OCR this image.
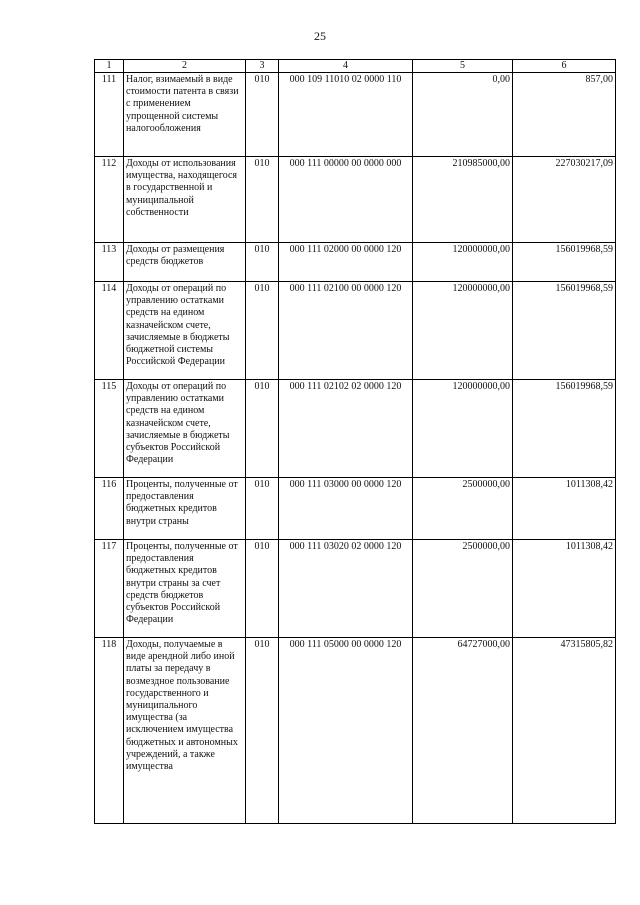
25
1	2	3	4	5	6
111	Налог, взимаемый в виде стоимости патента в связи с применением упрощенной системы налогообложения	010	000 109 11010 02 0000 110	0,00	857,00
112	Доходы от использования имущества, находящегося в государственной и муниципальной собственности	010	000 111 00000 00 0000 000	210985000,00	227030217,09
113	Доходы от размещения средств бюджетов	010	000 111 02000 00 0000 120	120000000,00	156019968,59
114	Доходы от операций по управлению остатками средств на едином казначейском счете, зачисляемые в бюджеты бюджетной системы Российской Федерации	010	000 111 02100 00 0000 120	120000000,00	156019968,59
115	Доходы от операций по управлению остатками средств на едином казначейском счете, зачисляемые в бюджеты субъектов Российской Федерации	010	000 111 02102 02 0000 120	120000000,00	156019968,59
116	Проценты, полученные от предоставления бюджетных кредитов внутри страны	010	000 111 03000 00 0000 120	2500000,00	1011308,42
117	Проценты, полученные от предоставления бюджетных кредитов внутри страны за счет средств бюджетов субъектов Российской Федерации	010	000 111 03020 02 0000 120	2500000,00	1011308,42
118	Доходы, получаемые в виде арендной либо иной платы за передачу в возмездное пользование государственного и муниципального имущества (за исключением имущества бюджетных и автономных учреждений, а также имущества	010	000 111 05000 00 0000 120	64727000,00	47315805,82
